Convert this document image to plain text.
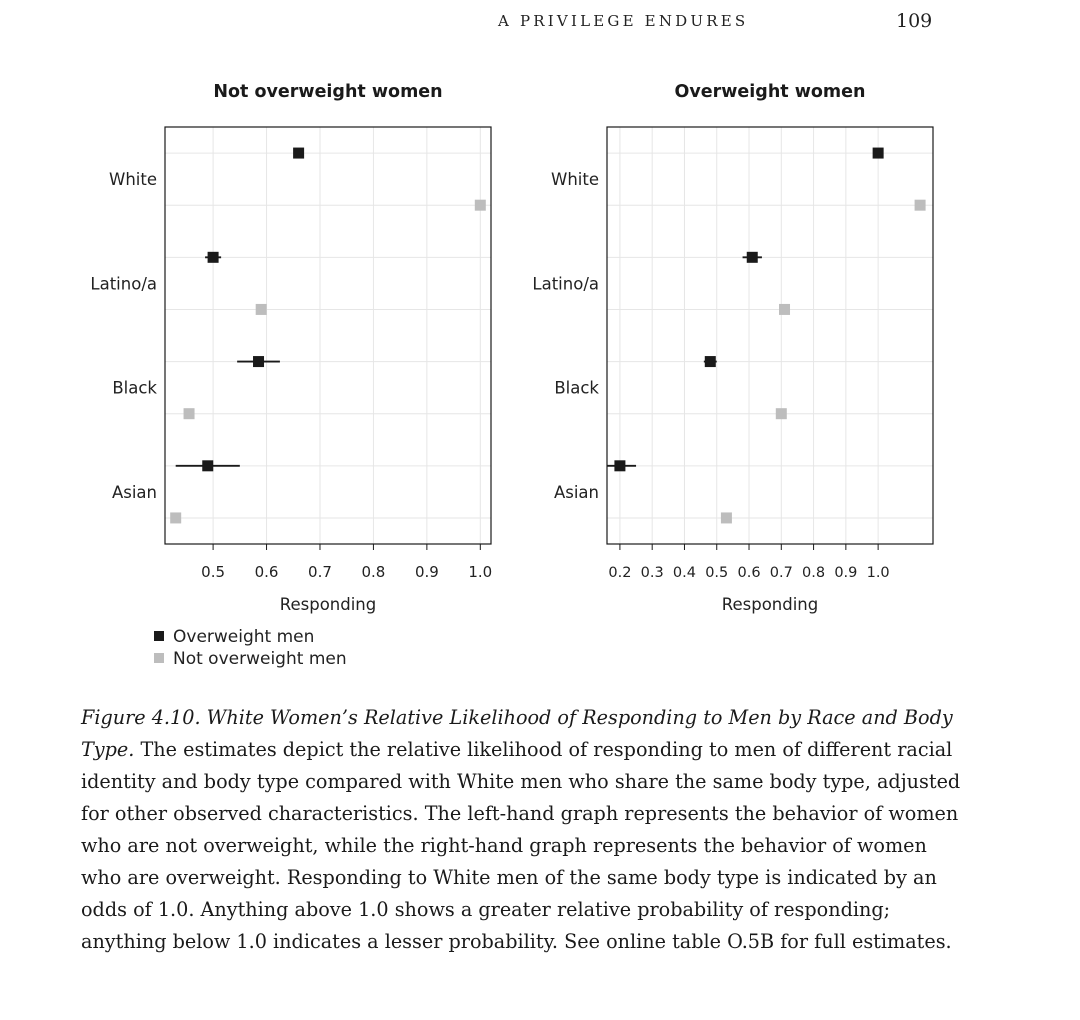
A PRIVILEGE ENDURES	109
Not overweight women
White
Latino/a
Black
Asian
0.5 0.6 0.7 0.8 0.9 1.0
Responding
Overweight women
White
Latino/a
Black
Asian
0.2 0.3 0.4 0.5 0.6 0.7 0.8 0.9 1.0
Responding
Overweight men
Not overweight men

Figure 4.10. White Women’s Relative Likelihood of Responding to Men by Race and Body Type. The estimates depict the relative likelihood of responding to men of different racial identity and body type compared with White men who share the same body type, adjusted for other observed characteristics. The left-hand graph represents the behavior of women who are not overweight, while the right-hand graph represents the behavior of women who are overweight. Responding to White men of the same body type is indicated by an odds of 1.0. Anything above 1.0 shows a greater relative probability of responding; anything below 1.0 indicates a lesser probability. See online table O.5B for full estimates.
